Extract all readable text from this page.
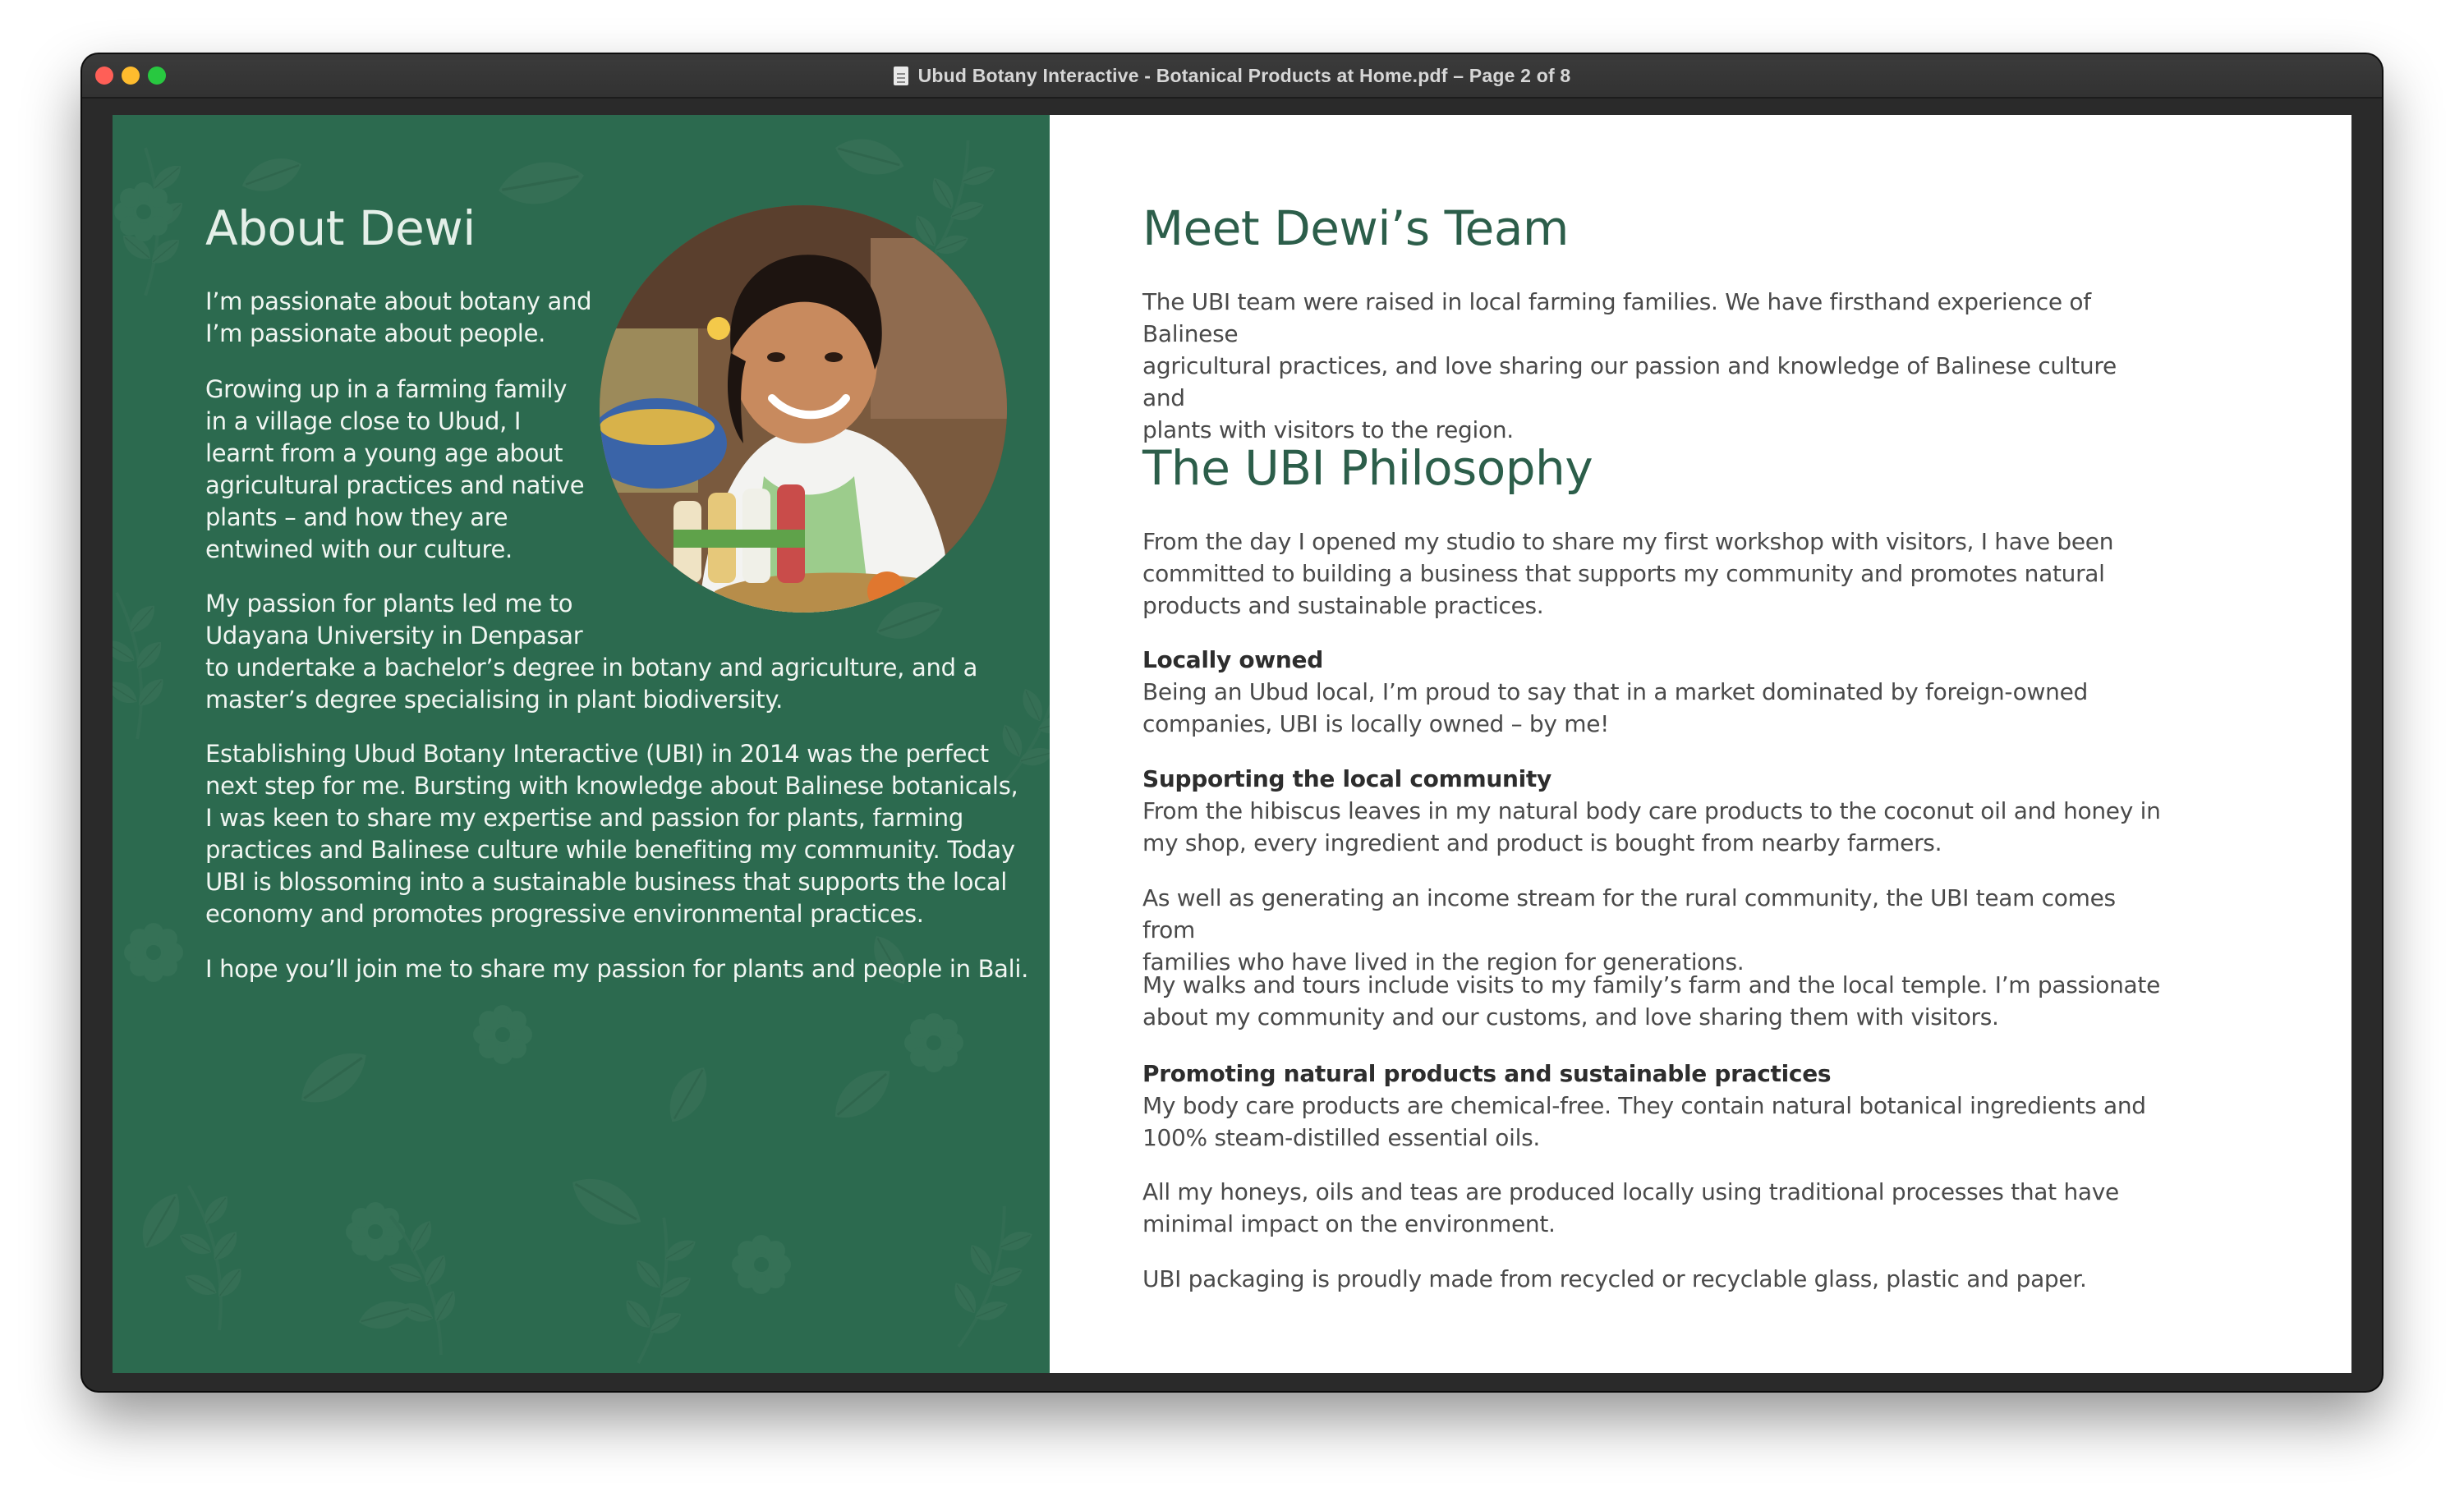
Ubud Botany Interactive - Botanical Products at Home.pdf – Page 2 of 8
About Dewi
I’m passionate about botany and
I’m passionate about people.
Growing up in a farming family
in a village close to Ubud, I
learnt from a young age about
agricultural practices and native
plants – and how they are
entwined with our culture.
My passion for plants led me to
Udayana University in Denpasar
to undertake a bachelor’s degree in botany and agriculture, and a
master’s degree specialising in plant biodiversity.
Establishing Ubud Botany Interactive (UBI) in 2014 was the perfect
next step for me. Bursting with knowledge about Balinese botanicals,
I was keen to share my expertise and passion for plants, farming
practices and Balinese culture while benefiting my community. Today
UBI is blossoming into a sustainable business that supports the local
economy and promotes progressive environmental practices.
I hope you’ll join me to share my passion for plants and people in Bali.
Meet Dewi’s Team
The UBI team were raised in local farming families. We have firsthand experience of Balinese
agricultural practices, and love sharing our passion and knowledge of Balinese culture and
plants with visitors to the region.
The UBI Philosophy
From the day I opened my studio to share my first workshop with visitors, I have been
committed to building a business that supports my community and promotes natural
products and sustainable practices.
Locally owned
Being an Ubud local, I’m proud to say that in a market dominated by foreign-owned
companies, UBI is locally owned – by me!
Supporting the local community
From the hibiscus leaves in my natural body care products to the coconut oil and honey in
my shop, every ingredient and product is bought from nearby farmers.
As well as generating an income stream for the rural community, the UBI team comes from
families who have lived in the region for generations.
My walks and tours include visits to my family’s farm and the local temple. I’m passionate
about my community and our customs, and love sharing them with visitors.
Promoting natural products and sustainable practices
My body care products are chemical-free. They contain natural botanical ingredients and
100% steam-distilled essential oils.
All my honeys, oils and teas are produced locally using traditional processes that have
minimal impact on the environment.
UBI packaging is proudly made from recycled or recyclable glass, plastic and paper.
